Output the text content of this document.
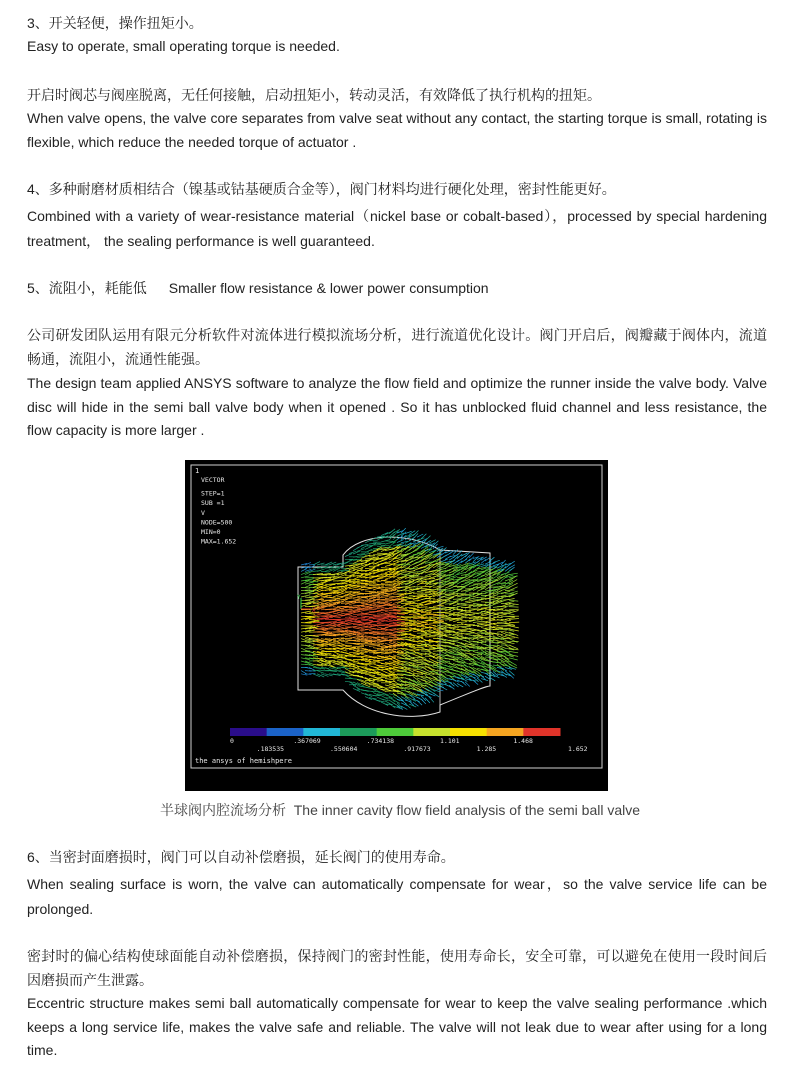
3、开关轻便，操作扭矩小。

Easy to operate, small operating torque is needed.

开启时阀芯与阀座脱离，无任何接触，启动扭矩小，转动灵活，有效降低了执行机构的扭矩。

When valve opens, the valve core separates from valve seat without any contact, the starting torque is small, rotating is flexible, which reduce the needed torque of actuator .

4、多种耐磨材质相结合（镍基或钴基硬质合金等），阀门材料均进行硬化处理，密封性能更好。

Combined with a variety of wear-resistance material（nickel base or cobalt-based），processed by special hardening treatment， the sealing performance is well guaranteed.

5、流阻小，耗能低 Smaller flow resistance & lower power consumption

公司研发团队运用有限元分析软件对流体进行模拟流场分析，进行流道优化设计。阀门开启后，阀瓣藏于阀体内，流道畅通，流阻小，流通性能强。

The design team applied ANSYS software to analyze the flow field and optimize the runner inside the valve body. Valve disc will hide in the semi ball valve body when it opened . So it has unblocked fluid channel and less resistance, the flow capacity is more larger .

1
VECTOR
STEP=1
SUB =1
V
NODE=500
MIN=0
MAX=1.652
Y
X
0	.367069	.734138	1.101	1.468
.183535	.550604	.917673	1.285	1.652
the ansys of hemishpere
半球阀内腔流场分析 The inner cavity flow field analysis of the semi ball valve

6、当密封面磨损时，阀门可以自动补偿磨损，延长阀门的使用寿命。

When sealing surface is worn, the valve can automatically compensate for wear，so the valve service life can be prolonged.

密封时的偏心结构使球面能自动补偿磨损，保持阀门的密封性能，使用寿命长，安全可靠，可以避免在使用一段时间后因磨损而产生泄露。

Eccentric structure makes semi ball automatically compensate for wear to keep the valve sealing performance .which keeps a long service life, makes the valve safe and reliable. The valve will not leak due to wear after using for a long time.
